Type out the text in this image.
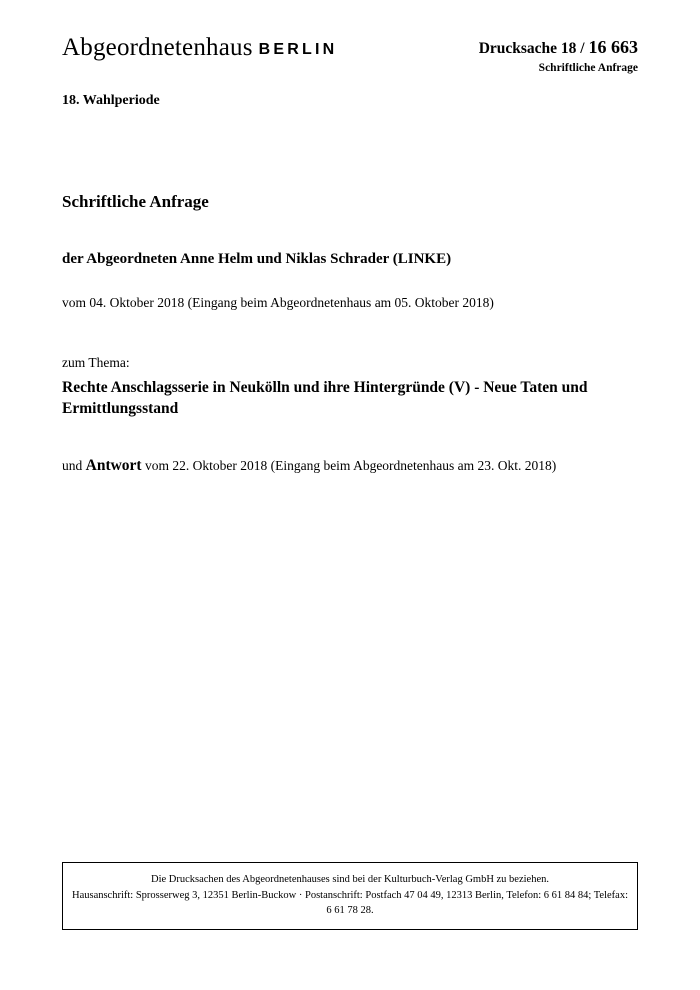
Abgeordnetenhaus BERLIN	Drucksache 18 / 16 663
Schriftliche Anfrage
18. Wahlperiode
Schriftliche Anfrage
der Abgeordneten Anne Helm und Niklas Schrader (LINKE)
vom 04. Oktober 2018 (Eingang beim Abgeordnetenhaus am 05. Oktober 2018)
zum Thema:
Rechte Anschlagsserie in Neukölln und ihre Hintergründe (V) - Neue Taten und Ermittlungsstand
und Antwort vom 22. Oktober 2018 (Eingang beim Abgeordnetenhaus am 23. Okt. 2018)
Die Drucksachen des Abgeordnetenhauses sind bei der Kulturbuch-Verlag GmbH zu beziehen.
Hausanschrift: Sprosserweg 3, 12351 Berlin-Buckow · Postanschrift: Postfach 47 04 49, 12313 Berlin, Telefon: 6 61 84 84; Telefax: 6 61 78 28.
